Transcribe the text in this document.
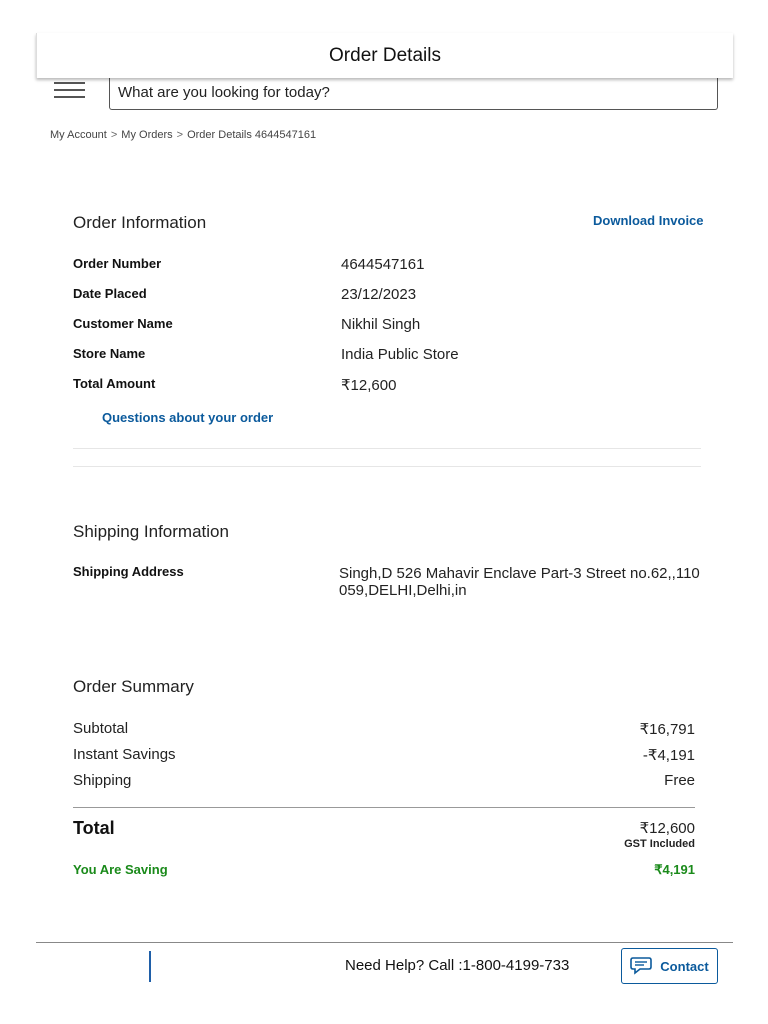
Order Details
What are you looking for today?
My Account > My Orders > Order Details 4644547161
Order Information	Download Invoice
Order Number	4644547161
Date Placed	23/12/2023
Customer Name	Nikhil Singh
Store Name	India Public Store
Total Amount	₹12,600
Questions about your order
Shipping Information
Shipping Address	Singh,D 526 Mahavir Enclave Part-3 Street no.62,,110
059,DELHI,Delhi,in
Order Summary
Subtotal	₹16,791
Instant Savings	-₹4,191
Shipping	Free
Total	₹12,600
GST Included
You Are Saving	₹4,191
Need Help? Call :1-800-4199-733	Contact
